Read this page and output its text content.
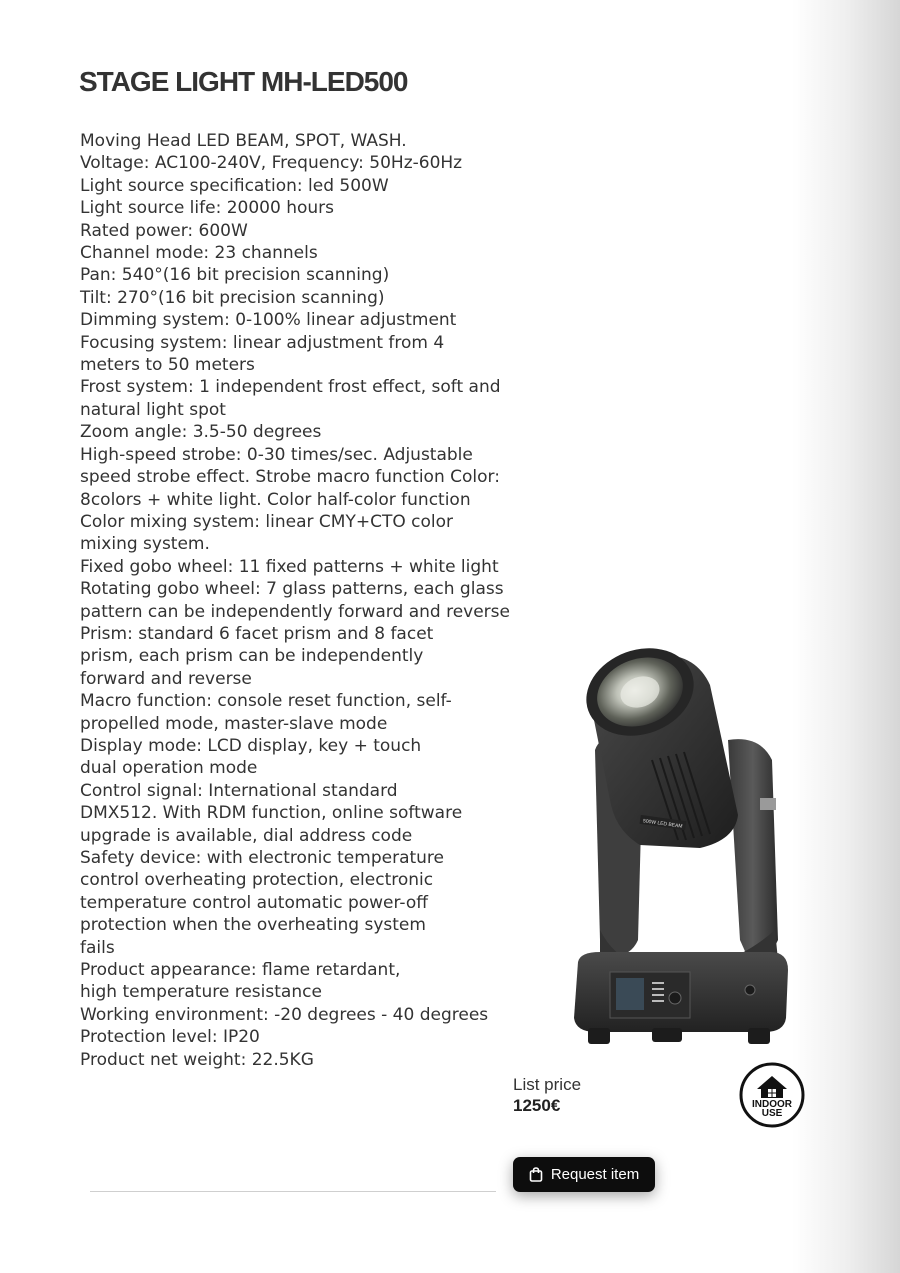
STAGE LIGHT MH-LED500
Moving Head LED BEAM, SPOT, WASH.
Voltage: AC100-240V, Frequency: 50Hz-60Hz
Light source specification: led 500W
Light source life: 20000 hours
Rated power: 600W
Channel mode: 23 channels
Pan: 540°(16 bit precision scanning)
Tilt: 270°(16 bit precision scanning)
Dimming system: 0-100% linear adjustment
Focusing system: linear adjustment from 4 meters to 50 meters
Frost system: 1 independent frost effect, soft and natural light spot
Zoom angle: 3.5-50 degrees
High-speed strobe: 0-30 times/sec. Adjustable speed strobe effect. Strobe macro function Color: 8colors + white light. Color half-color function
Color mixing system: linear CMY+CTO color mixing system.
Fixed gobo wheel: 11 fixed patterns + white light
Rotating gobo wheel: 7 glass patterns, each glass pattern can be independently forward and reverse
Prism: standard 6 facet prism and 8 facet prism, each prism can be independently forward and reverse
Macro function: console reset function, self-propelled mode, master-slave mode
Display mode: LCD display, key + touch dual operation mode
Control signal: International standard DMX512. With RDM function, online software upgrade is available, dial address code
Safety device: with electronic temperature control overheating protection, electronic temperature control automatic power-off protection when the overheating system fails
Product appearance: flame retardant, high temperature resistance
Working environment: -20 degrees - 40 degrees
Protection level: IP20
Product net weight: 22.5KG
500W LED BEAM
List price
1250€	INDOOR
USE
Request item
